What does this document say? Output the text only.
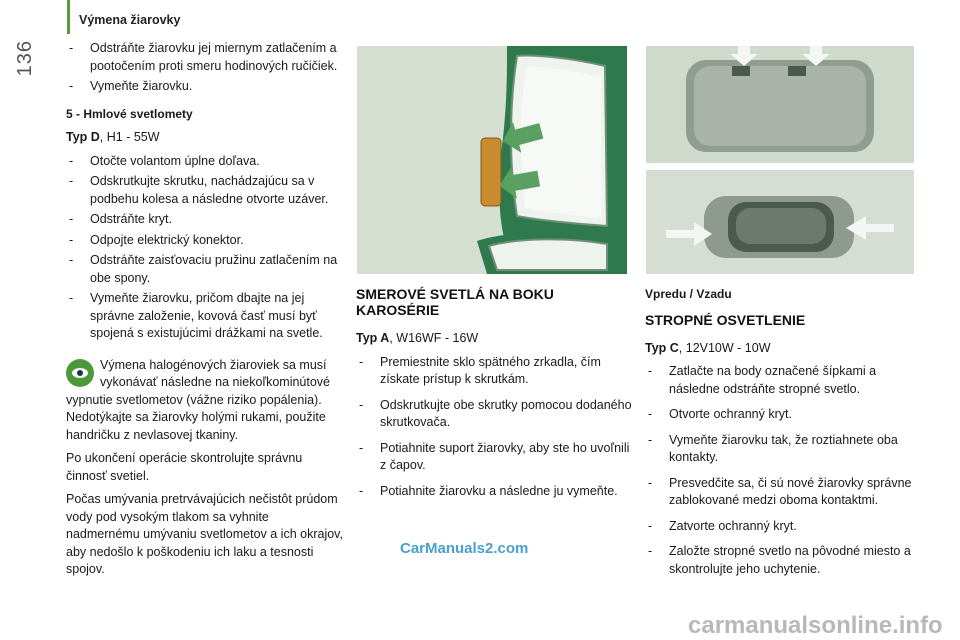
136
Výmena žiarovky
- Odstráňte žiarovku jej miernym zatlačením a pootočením proti smeru hodinových ručičiek.
- Vymeňte žiarovku.
5 - Hmlové svetlomety
Typ D, H1 - 55W
- Otočte volantom úplne doľava.
- Odskrutkujte skrutku, nachádzajúcu sa v podbehu kolesa a následne otvorte uzáver.
- Odstráňte kryt.
- Odpojte elektrický konektor.
- Odstráňte zaisťovaciu pružinu zatlačením na obe spony.
- Vymeňte žiarovku, pričom dbajte na jej správne založenie, kovová časť musí byť spojená s existujúcimi drážkami na svetle.
Výmena halogénových žiaroviek sa musí vykonávať následne na niekoľkominútové vypnutie svetlometov (vážne riziko popálenia). Nedotýkajte sa žiarovky holými rukami, použite handričku z nevlasovej tkaniny.
Po ukončení operácie skontrolujte správnu činnosť svetiel.
Počas umývania pretrvávajúcich nečistôt prúdom vody pod vysokým tlakom sa vyhnite nadmernému umývaniu svetlometov a ich okrajov, aby nedošlo k poškodeniu ich laku a tesnosti spojov.
SMEROVÉ SVETLÁ NA BOKU KAROSÉRIE
Typ A, W16WF - 16W
- Premiestnite sklo spätného zrkadla, čím získate prístup k skrutkám.
- Odskrutkujte obe skrutky pomocou dodaného skrutkovača.
- Potiahnite suport žiarovky, aby ste ho uvoľnili z čapov.
- Potiahnite žiarovku a následne ju vymeňte.
Vpredu / Vzadu
STROPNÉ OSVETLENIE
Typ C, 12V10W - 10W
- Zatlačte na body označené šípkami a následne odstráňte stropné svetlo.
- Otvorte ochranný kryt.
- Vymeňte žiarovku tak, že roztiahnete oba kontakty.
- Presvedčite sa, či sú nové žiarovky správne zablokované medzi oboma kontaktmi.
- Zatvorte ochranný kryt.
- Založte stropné svetlo na pôvodné miesto a skontrolujte jeho uchytenie.
CarManuals2.com
carmanualsonline.info
